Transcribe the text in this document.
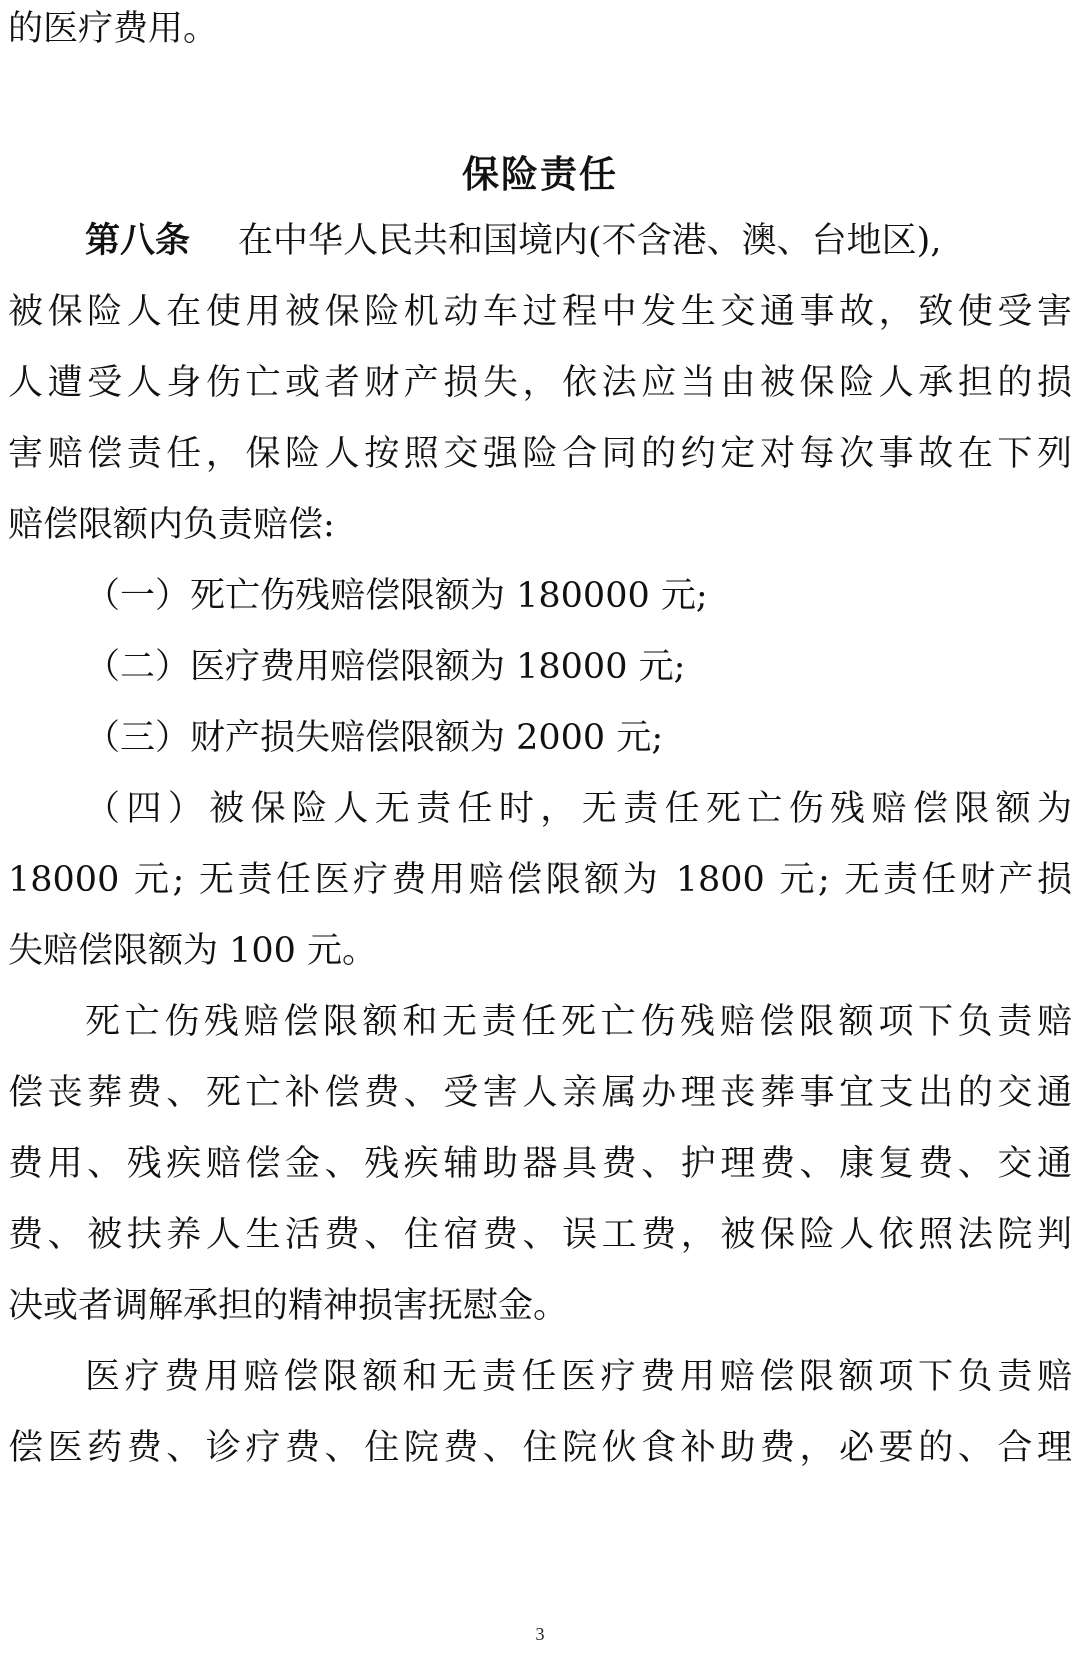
的医疗费用。
保险责任
第八条 在中华人民共和国境内(不含港、澳、台地区),
被保险人在使用被保险机动车过程中发生交通事故，致使受害
人遭受人身伤亡或者财产损失，依法应当由被保险人承担的损
害赔偿责任，保险人按照交强险合同的约定对每次事故在下列
赔偿限额内负责赔偿:
（一）死亡伤残赔偿限额为 180000 元;
（二）医疗费用赔偿限额为 18000 元;
（三）财产损失赔偿限额为 2000 元;
（四）被保险人无责任时，无责任死亡伤残赔偿限额为
18000 元; 无责任医疗费用赔偿限额为 1800 元; 无责任财产损
失赔偿限额为 100 元。
死亡伤残赔偿限额和无责任死亡伤残赔偿限额项下负责赔
偿丧葬费、死亡补偿费、受害人亲属办理丧葬事宜支出的交通
费用、残疾赔偿金、残疾辅助器具费、护理费、康复费、交通
费、被扶养人生活费、住宿费、误工费，被保险人依照法院判
决或者调解承担的精神损害抚慰金。
医疗费用赔偿限额和无责任医疗费用赔偿限额项下负责赔
偿医药费、诊疗费、住院费、住院伙食补助费，必要的、合理
3
